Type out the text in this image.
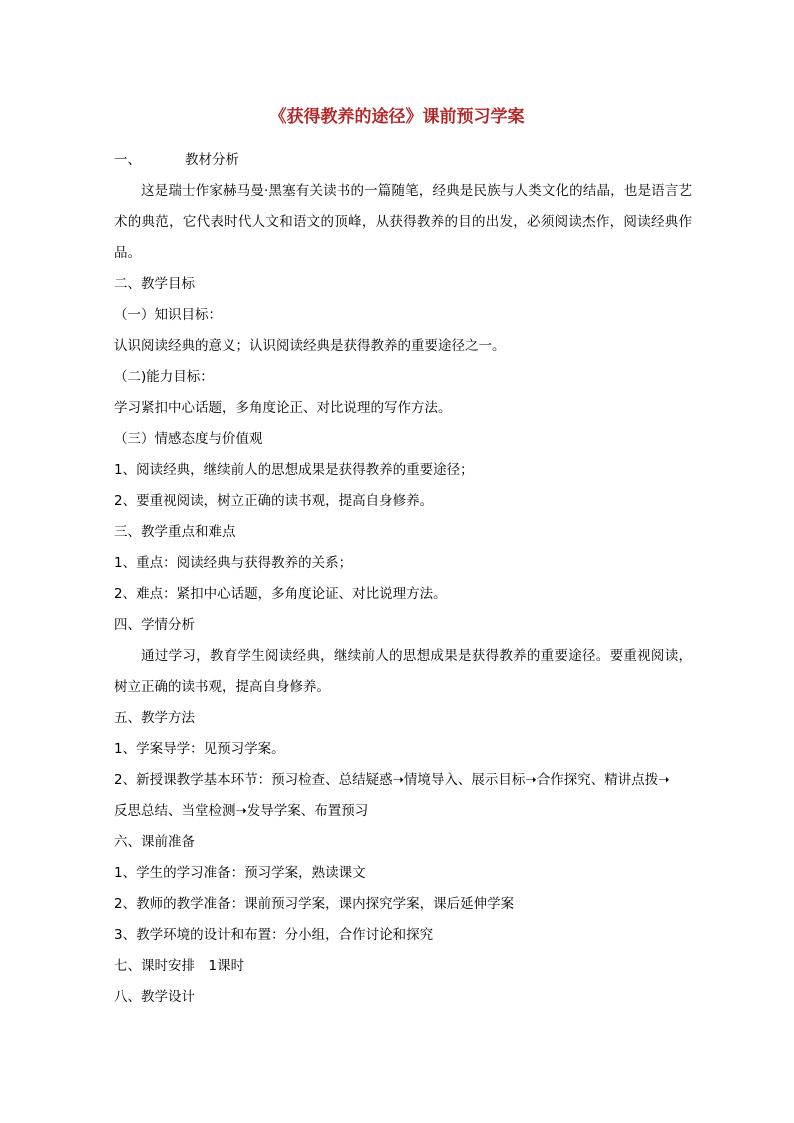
《获得教养的途径》课前预习学案

一、	教材分析

这是瑞士作家赫马曼·黑塞有关读书的一篇随笔，经典是民族与人类文化的结晶，也是语言艺术的典范，它代表时代人文和语文的顶峰，从获得教养的目的出发，必须阅读杰作，阅读经典作品。

二、教学目标

（一）知识目标：

认识阅读经典的意义；认识阅读经典是获得教养的重要途径之一。

（二)能力目标：

学习紧扣中心话题，多角度论正、对比说理的写作方法。

（三）情感态度与价值观

1、阅读经典，继续前人的思想成果是获得教养的重要途径；

2、要重视阅读，树立正确的读书观，提高自身修养。

三、教学重点和难点

1、重点：阅读经典与获得教养的关系；

2、难点：紧扣中心话题，多角度论证、对比说理方法。

四、学情分析

通过学习，教育学生阅读经典，继续前人的思想成果是获得教养的重要途径。要重视阅读，树立正确的读书观，提高自身修养。

五、教学方法

1、学案导学：见预习学案。

2、新授课教学基本环节：预习检查、总结疑惑➝情境导入、展示目标➝合作探究、精讲点拨➝

反思总结、当堂检测➝发导学案、布置预习

六、课前准备

1、学生的学习准备：预习学案，熟读课文

2、教师的教学准备：课前预习学案，课内探究学案，课后延伸学案

3、教学环境的设计和布置：分小组，合作讨论和探究

七、课时安排　1课时

八、教学设计
